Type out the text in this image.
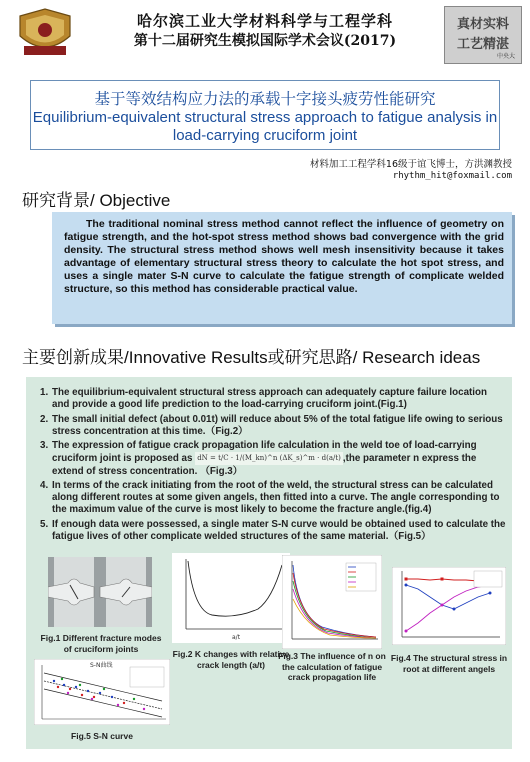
哈尔滨工业大学材料科学与工程学科
第十二届研究生模拟国际学术会议(2017)
真材实料
工艺精湛
中央大
基于等效结构应力法的承载十字接头疲劳性能研究
Equilibrium-equivalent structural stress approach to fatigue analysis in
load-carrying cruciform joint
材料加工工程学科16级于谊飞博士，方洪渊教授
rhythm_hit@foxmail.com
研究背景/ Objective
The traditional nominal stress method cannot reflect the influence of geometry on fatigue strength, and the hot-spot stress method shows bad convergence with the grid density. The structural stress method shows well mesh insensitivity because it takes advantage of elementary structural stress theory to calculate the hot spot stress, and uses a single mater S-N curve to calculate the fatigue strength of complicate welded structure, so this method has considerable practical value.
主要创新成果/Innovative Results或研究思路/ Research ideas
1. The equilibrium-equivalent structural stress approach can adequately capture failure location and provide a good life prediction to the load-carrying cruciform joint.(Fig.1)
2. The small initial defect (about 0.01t) will reduce about 5% of the total fatigue life owing to serious stress concentration at this time.（Fig.2）
3. The expression of fatigue crack propagation life calculation in the weld toe of load-carrying cruciform joint is proposed as dN = t/C · 1/(M_kn)^n (ΔK_s)^m · d(a/t) ,the parameter n express the extend of stress concentration. （Fig.3）
4. In terms of the crack initiating from the root of the weld, the structural stress can be calculated along different routes at some given angels, then fitted into a curve. The angle corresponding to the maximum value of the curve is most likely to become the fracture angle.(fig.4)
5. If enough data were possessed, a single mater S-N curve would be obtained used to calculate the fatigue lives of other complicate welded structures of the same material.（Fig.5）
Fig.1 Different fracture modes of cruciform joints
a/t
Fig.2 K changes with relative crack length (a/t)
Fig.3 The influence of n on the calculation of fatigue crack propagation life
Fig.4 The structural stress in root at different angels
S-N曲线
Fig.5 S-N curve
